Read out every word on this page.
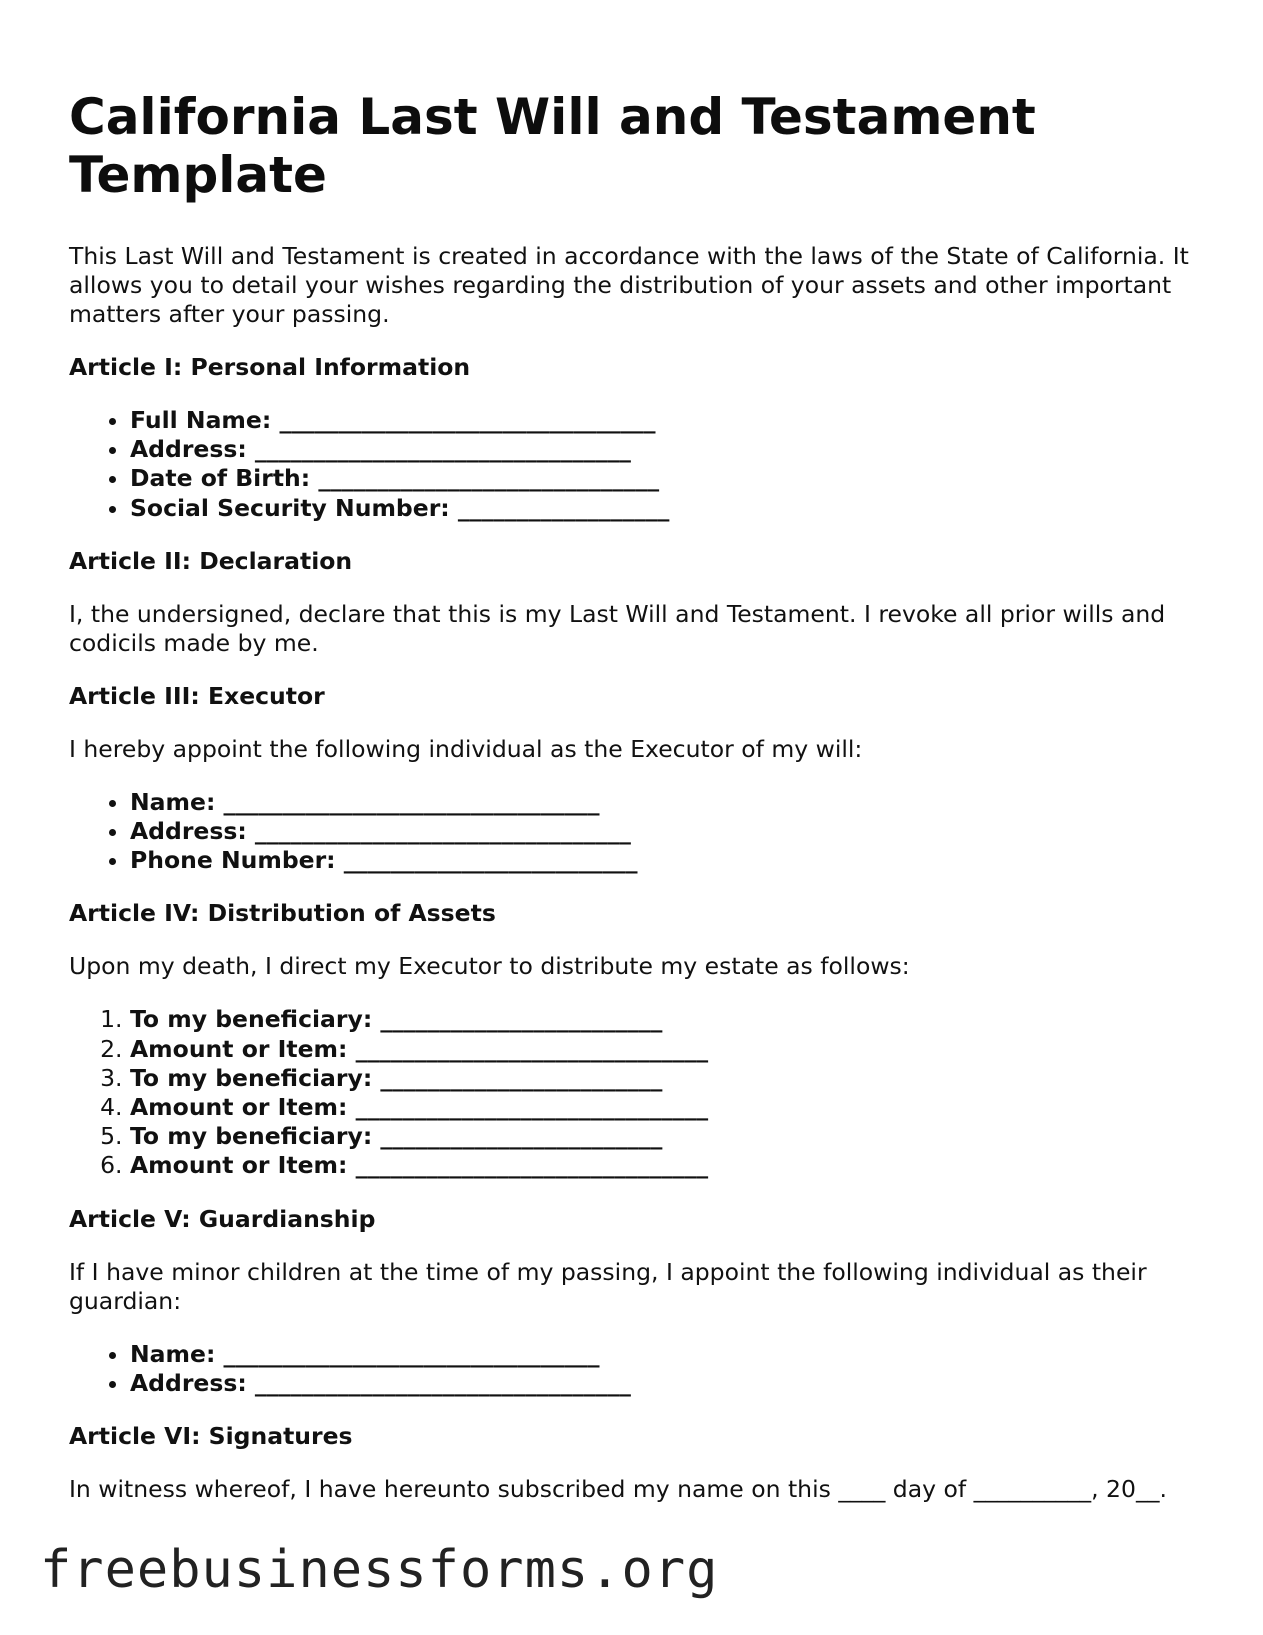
California Last Will and Testament Template

This Last Will and Testament is created in accordance with the laws of the State of California. It allows you to detail your wishes regarding the distribution of your assets and other important matters after your passing.

Article I: Personal Information
• Full Name: ________________________________
• Address: ________________________________
• Date of Birth: _____________________________
• Social Security Number: __________________
Article II: Declaration

I, the undersigned, declare that this is my Last Will and Testament. I revoke all prior wills and codicils made by me.

Article III: Executor

I hereby appoint the following individual as the Executor of my will:

• Name: ________________________________
• Address: ________________________________
• Phone Number: _________________________
Article IV: Distribution of Assets

Upon my death, I direct my Executor to distribute my estate as follows:

1. To my beneficiary: ________________________
2. Amount or Item: ______________________________
3. To my beneficiary: ________________________
4. Amount or Item: ______________________________
5. To my beneficiary: ________________________
6. Amount or Item: ______________________________
Article V: Guardianship

If I have minor children at the time of my passing, I appoint the following individual as their guardian:

• Name: ________________________________
• Address: ________________________________
Article VI: Signatures

In witness whereof, I have hereunto subscribed my name on this ____ day of __________, 20__.

freebusinessforms.org
